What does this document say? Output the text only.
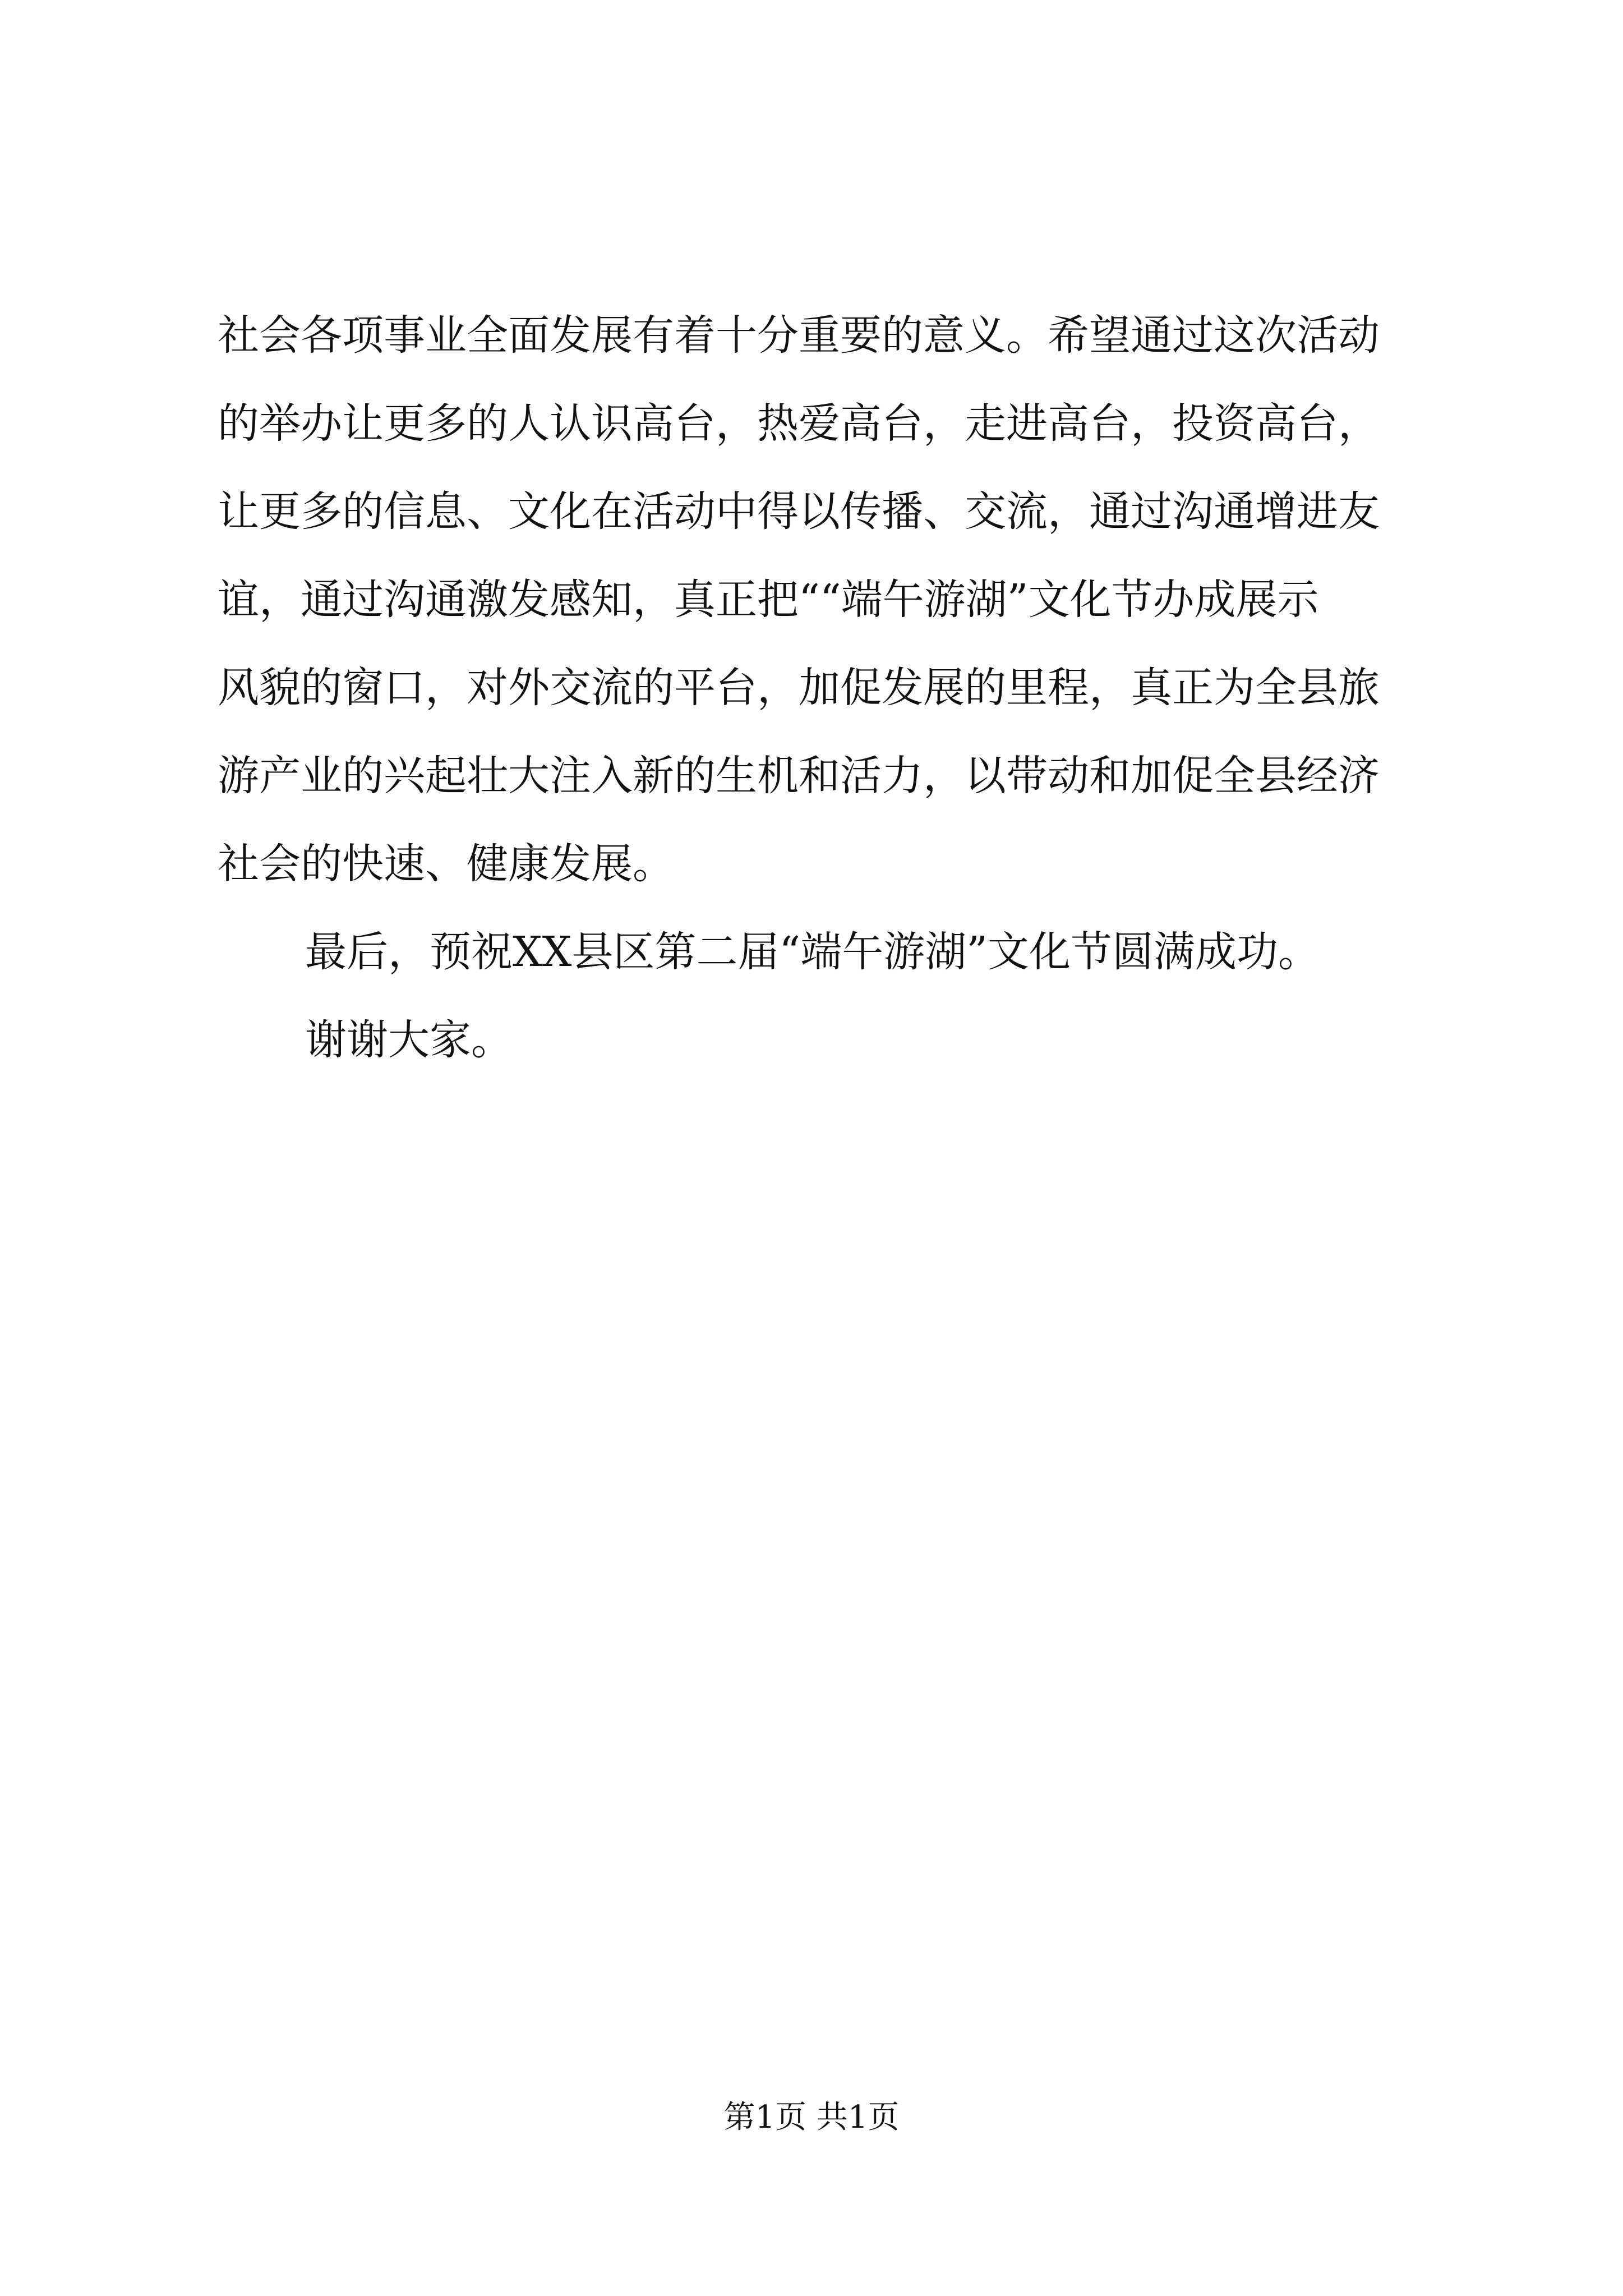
社会各项事业全面发展有着十分重要的意义。希望通过这次活动
的举办让更多的人认识高台，热爱高台，走进高台，投资高台，
让更多的信息、文化在活动中得以传播、交流，通过沟通增进友
谊，通过沟通激发感知，真正把““端午游湖”文化节办成展示
风貌的窗口，对外交流的平台，加促发展的里程，真正为全县旅
游产业的兴起壮大注入新的生机和活力，以带动和加促全县经济
社会的快速、健康发展。
最后，预祝XX县区第二届“端午游湖”文化节圆满成功。
谢谢大家。
第1页 共1页
